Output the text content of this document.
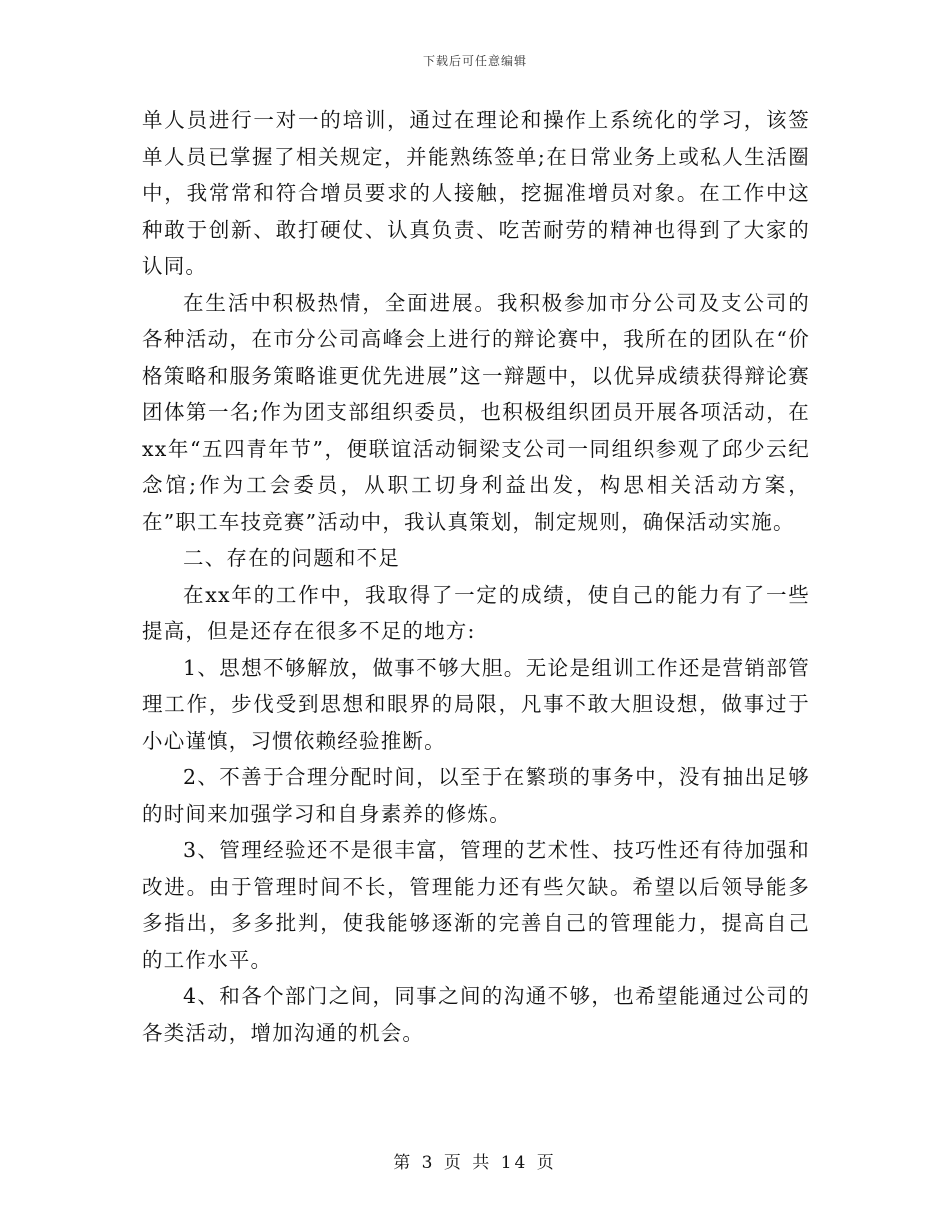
下载后可任意编辑

单人员进行一对一的培训，通过在理论和操作上系统化的学习，该签单人员已掌握了相关规定，并能熟练签单;在日常业务上或私人生活圈中，我常常和符合增员要求的人接触，挖掘准增员对象。在工作中这种敢于创新、敢打硬仗、认真负责、吃苦耐劳的精神也得到了大家的认同。

在生活中积极热情，全面进展。我积极参加市分公司及支公司的各种活动，在市分公司高峰会上进行的辩论赛中，我所在的团队在“价格策略和服务策略谁更优先进展”这一辩题中，以优异成绩获得辩论赛团体第一名;作为团支部组织委员，也积极组织团员开展各项活动，在xx年“五四青年节”，便联谊活动铜梁支公司一同组织参观了邱少云纪念馆;作为工会委员，从职工切身利益出发，构思相关活动方案，在”职工车技竞赛”活动中，我认真策划，制定规则，确保活动实施。

二、存在的问题和不足

在xx年的工作中，我取得了一定的成绩，使自己的能力有了一些提高，但是还存在很多不足的地方:

1、思想不够解放，做事不够大胆。无论是组训工作还是营销部管理工作，步伐受到思想和眼界的局限，凡事不敢大胆设想，做事过于小心谨慎，习惯依赖经验推断。

2、不善于合理分配时间，以至于在繁琐的事务中，没有抽出足够的时间来加强学习和自身素养的修炼。

3、管理经验还不是很丰富，管理的艺术性、技巧性还有待加强和改进。由于管理时间不长，管理能力还有些欠缺。希望以后领导能多多指出，多多批判，使我能够逐渐的完善自己的管理能力，提高自己的工作水平。

4、和各个部门之间，同事之间的沟通不够，也希望能通过公司的各类活动，增加沟通的机会。

第 3 页 共 14 页
